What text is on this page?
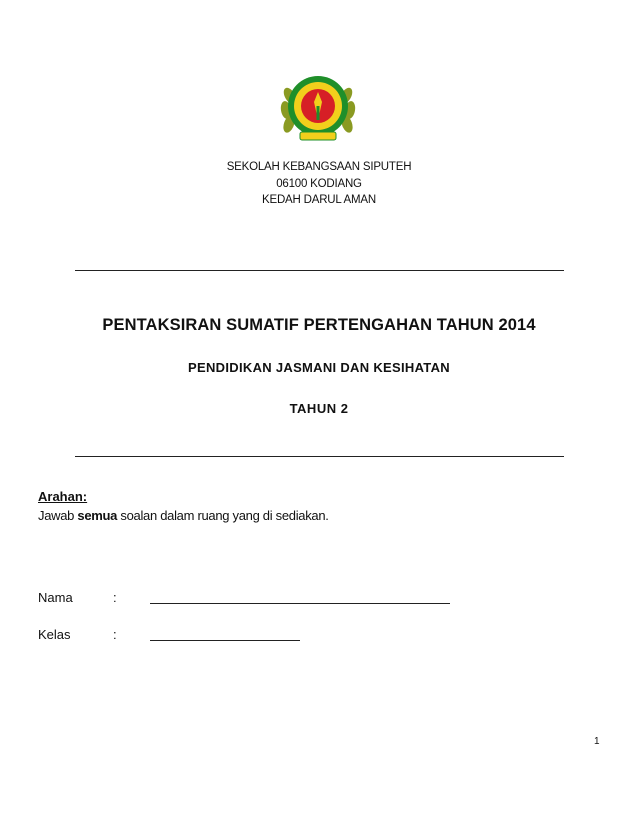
SEKOLAH KEBANGSAAN SIPUTEH
06100 KODIANG
KEDAH DARUL AMAN
PENTAKSIRAN SUMATIF PERTENGAHAN TAHUN 2014
PENDIDIKAN JASMANI DAN KESIHATAN
TAHUN 2
Arahan:
Jawab semua soalan dalam ruang yang di sediakan.
Nama	:
Kelas	:
1
